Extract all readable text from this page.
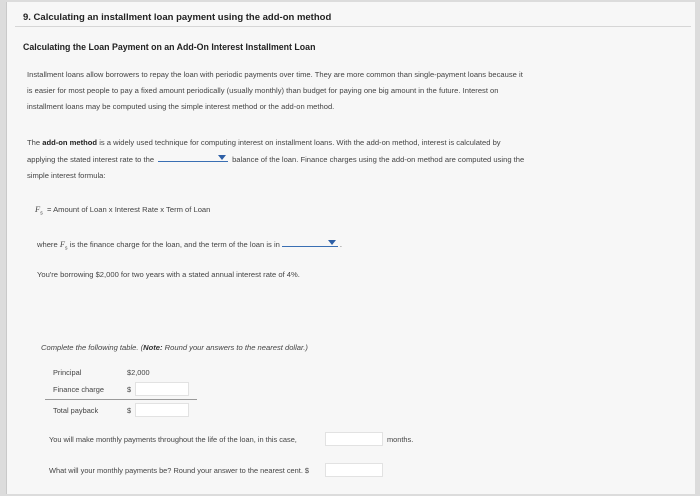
9. Calculating an installment loan payment using the add-on method
Calculating the Loan Payment on an Add-On Interest Installment Loan
Installment loans allow borrowers to repay the loan with periodic payments over time. They are more common than single-payment loans because it
is easier for most people to pay a fixed amount periodically (usually monthly) than budget for paying one big amount in the future. Interest on
installment loans may be computed using the simple interest method or the add-on method.
The add-on method is a widely used technique for computing interest on installment loans. With the add-on method, interest is calculated by
applying the stated interest rate to the	balance of the loan. Finance charges using the add-on method are computed using the
simple interest formula:
$F_s$ = Amount of Loan x Interest Rate x Term of Loan
where $F_s$ is the finance charge for the loan, and the term of the loan is in	.
You're borrowing $2,000 for two years with a stated annual interest rate of 4%.
Complete the following table. (Note: Round your answers to the nearest dollar.)
Principal	$2,000
Finance charge	$
Total payback	$
You will make monthly payments throughout the life of the loan, in this case,	months.
What will your monthly payments be? Round your answer to the nearest cent. $
